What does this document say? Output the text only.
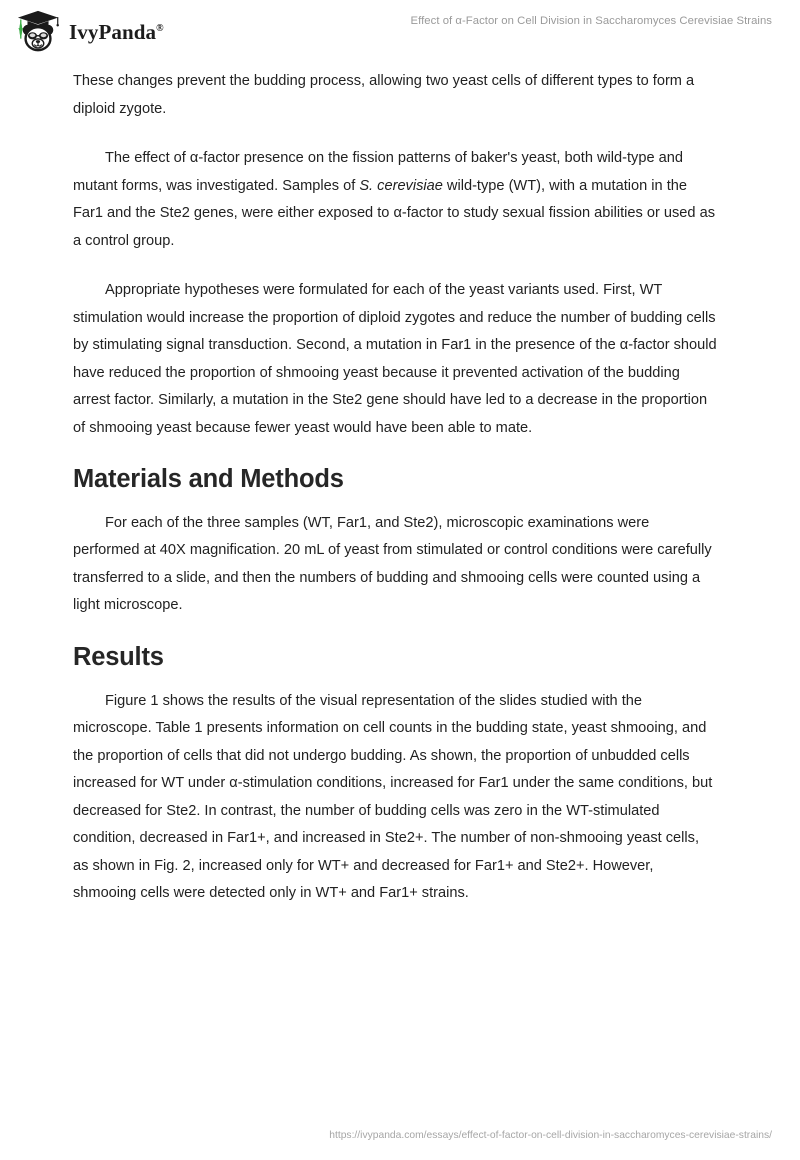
IvyPanda®
Effect of α-Factor on Cell Division in Saccharomyces Cerevisiae Strains

These changes prevent the budding process, allowing two yeast cells of different types to form a diploid zygote.

The effect of α-factor presence on the fission patterns of baker's yeast, both wild-type and mutant forms, was investigated. Samples of S. cerevisiae wild-type (WT), with a mutation in the Far1 and the Ste2 genes, were either exposed to α-factor to study sexual fission abilities or used as a control group.

Appropriate hypotheses were formulated for each of the yeast variants used. First, WT stimulation would increase the proportion of diploid zygotes and reduce the number of budding cells by stimulating signal transduction. Second, a mutation in Far1 in the presence of the α-factor should have reduced the proportion of shmooing yeast because it prevented activation of the budding arrest factor. Similarly, a mutation in the Ste2 gene should have led to a decrease in the proportion of shmooing yeast because fewer yeast would have been able to mate.

Materials and Methods

For each of the three samples (WT, Far1, and Ste2), microscopic examinations were performed at 40X magnification. 20 mL of yeast from stimulated or control conditions were carefully transferred to a slide, and then the numbers of budding and shmooing cells were counted using a light microscope.

Results

Figure 1 shows the results of the visual representation of the slides studied with the microscope. Table 1 presents information on cell counts in the budding state, yeast shmooing, and the proportion of cells that did not undergo budding. As shown, the proportion of unbudded cells increased for WT under α-stimulation conditions, increased for Far1 under the same conditions, but decreased for Ste2. In contrast, the number of budding cells was zero in the WT-stimulated condition, decreased in Far1+, and increased in Ste2+. The number of non-shmooing yeast cells, as shown in Fig. 2, increased only for WT+ and decreased for Far1+ and Ste2+. However, shmooing cells were detected only in WT+ and Far1+ strains.

https://ivypanda.com/essays/effect-of-factor-on-cell-division-in-saccharomyces-cerevisiae-strains/
